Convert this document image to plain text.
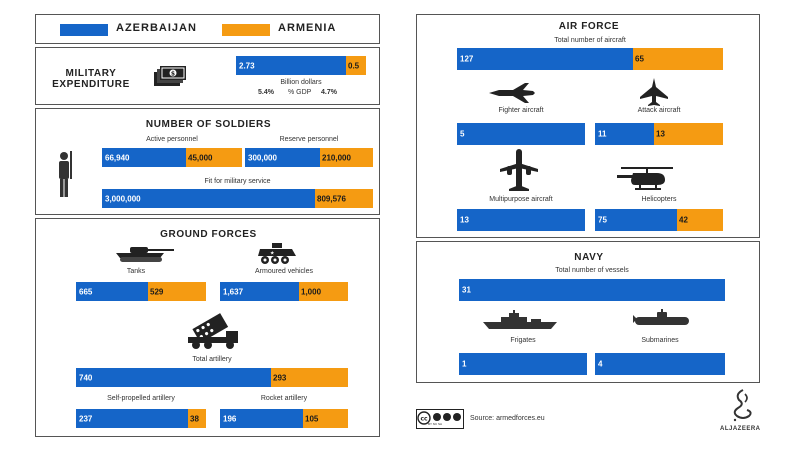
AZERBAIJAN	ARMENIA
MILITARY
EXPENDITURE
$
2.73	0.5
Billion dollars
5.4% % GDP 4.7%
NUMBER OF SOLDIERS
Active personnel
66,940	45,000
Reserve personnel
300,000	210,000
Fit for military service
3,000,000	809,576
GROUND FORCES
Tanks
665	529
★
Armoured vehicles
1,637	1,000
Total artillery
740	293
Self-propelled artillery
237	38
Rocket artillery
196	105
AIR FORCE
Total number of aircraft
127	65
Fighter aircraft
5
Attack aircraft
11	13
Multipurpose aircraft
13
Helicopters
75	42
NAVY
Total number of vessels
31
Frigates
1
Submarines
4
cc
BY NC SA
Source: armedforces.eu
ALJAZEERA
